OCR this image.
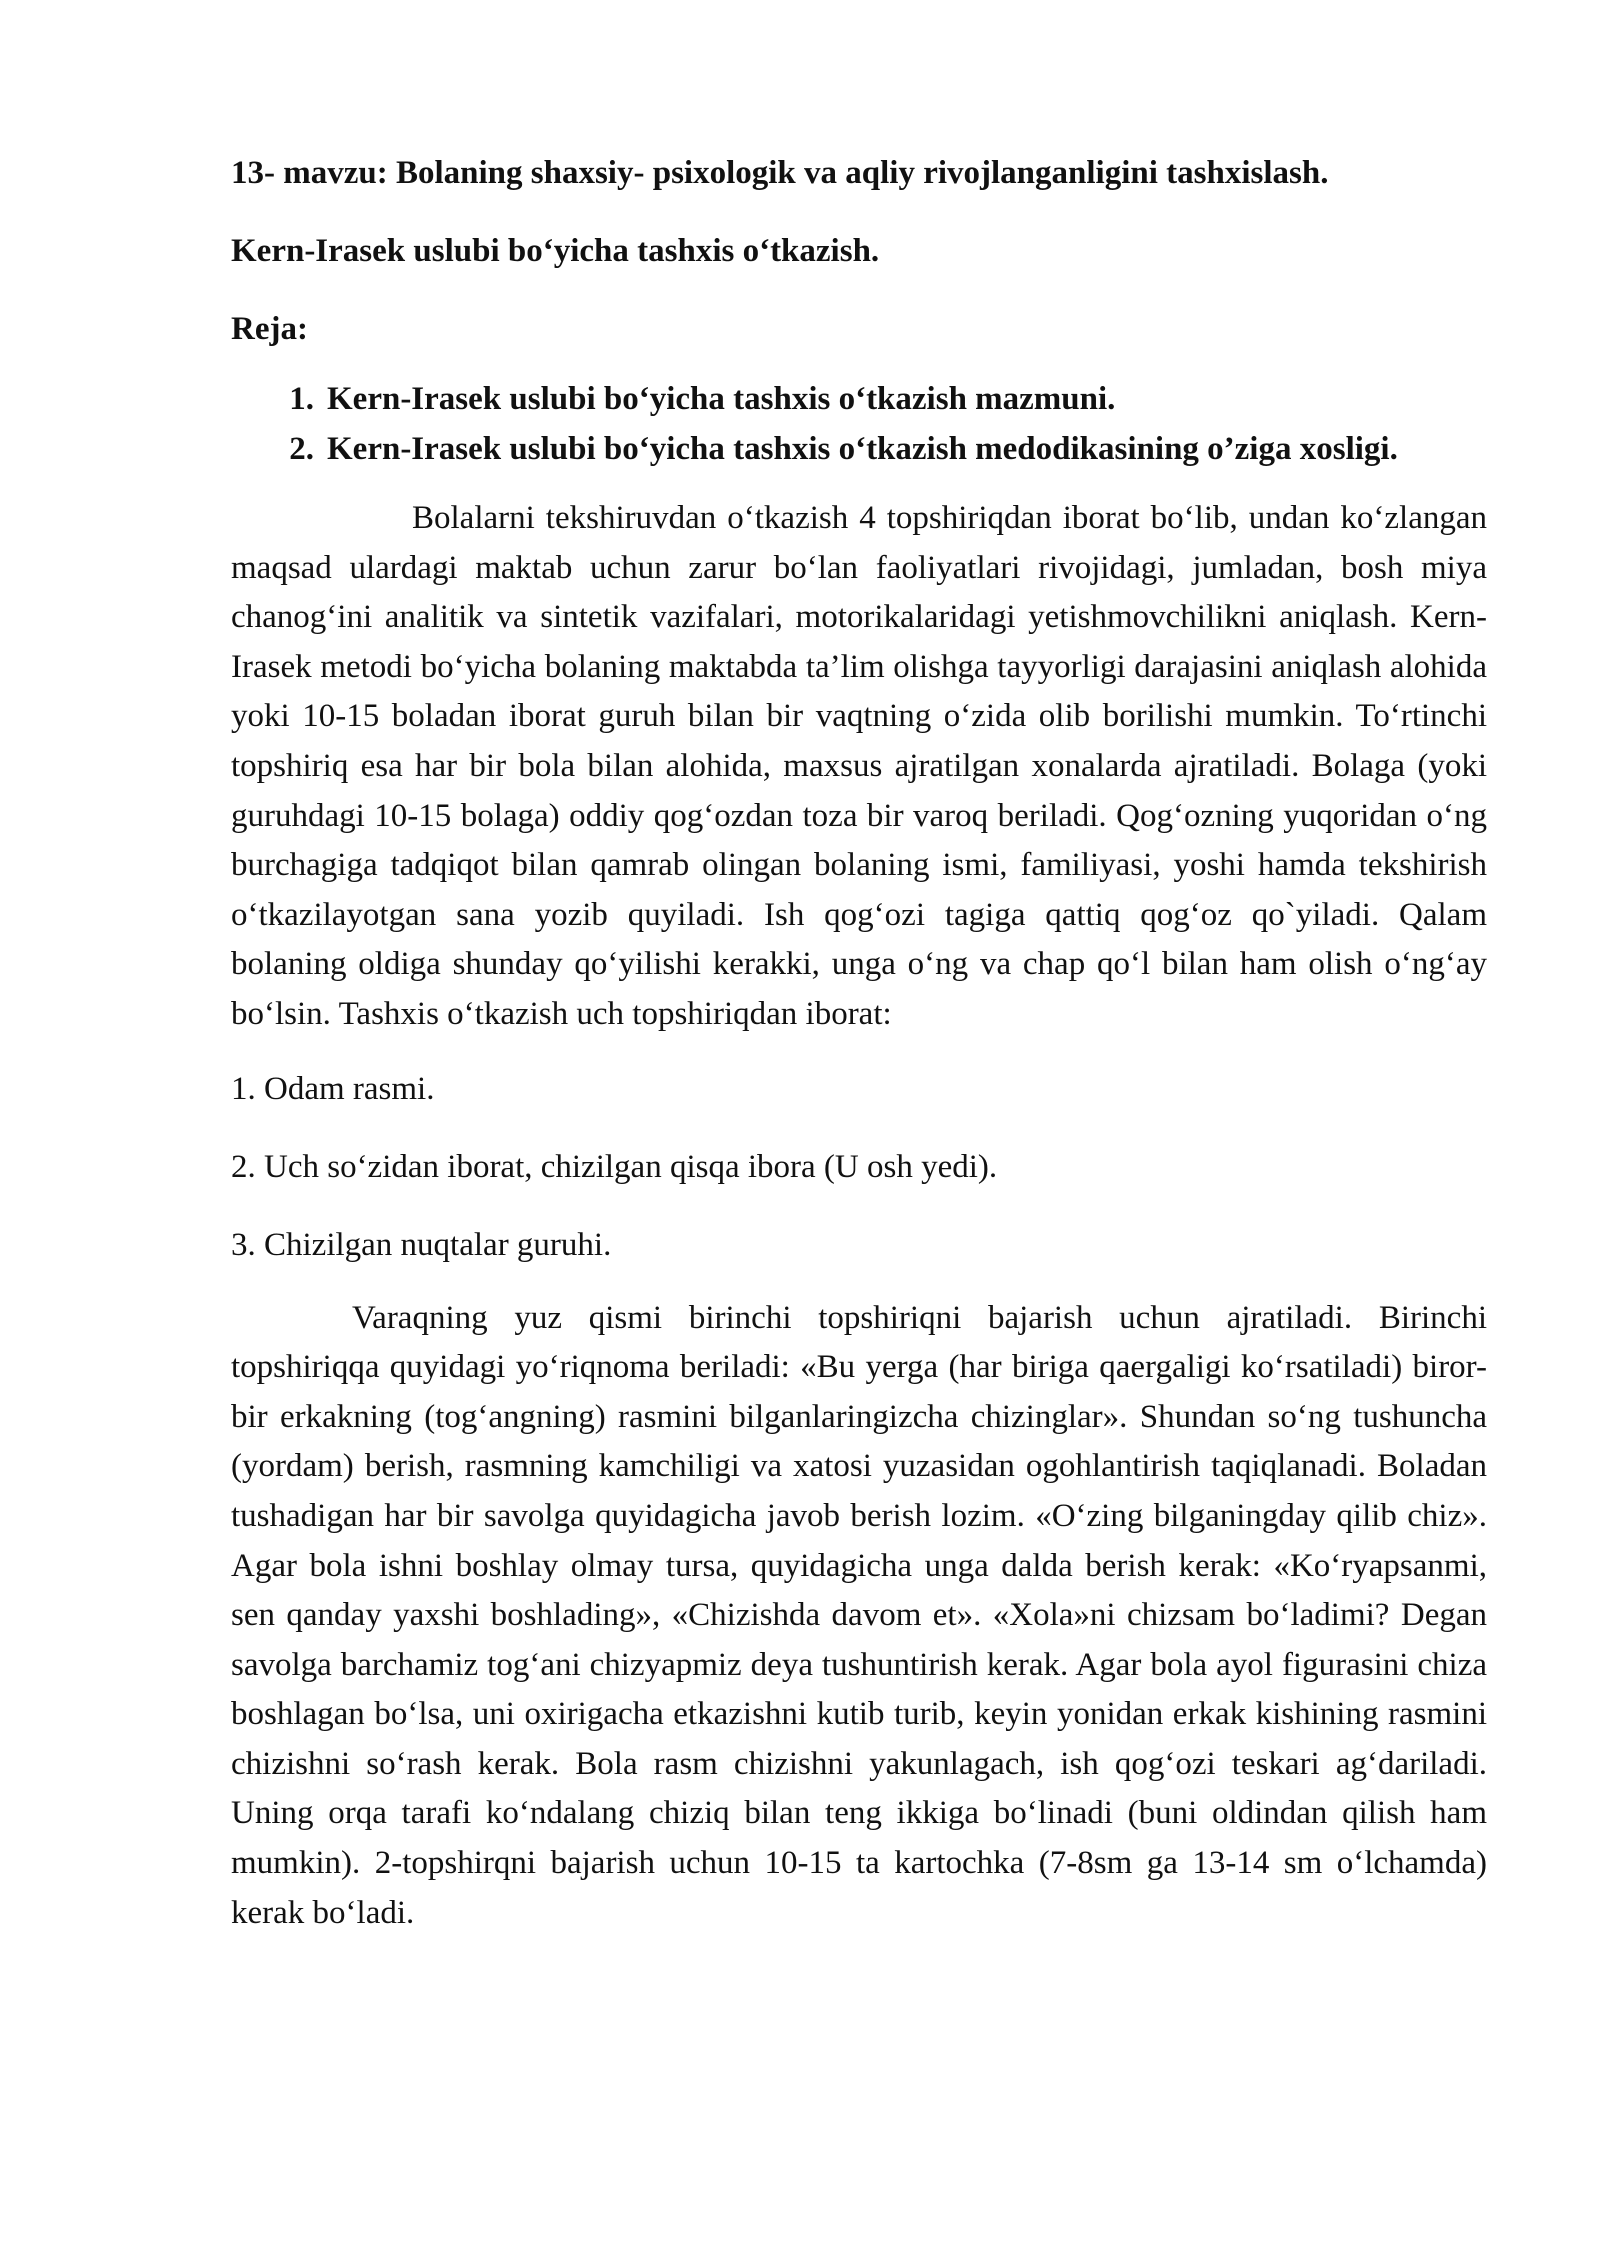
13- mavzu: Bolaning shaxsiy- psixologik va aqliy rivojlanganligini tashxislash.

Kern-Irasek uslubi bo‘yicha tashxis o‘tkazish.

Reja:

1. Kern-Irasek uslubi bo‘yicha tashxis o‘tkazish mazmuni.
2. Kern-Irasek uslubi bo‘yicha tashxis o‘tkazish medodikasining o’ziga xosligi.

Bolalarni tekshiruvdan o‘tkazish 4 topshiriqdan iborat bo‘lib, undan ko‘zlangan maqsad ulardagi maktab uchun zarur bo‘lan faoliyatlari rivojidagi, jumladan, bosh miya chanog‘ini analitik va sintetik vazifalari, motorikalaridagi yetishmovchilikni aniqlash. Kern-Irasek metodi bo‘yicha bolaning maktabda ta’lim olishga tayyorligi darajasini aniqlash alohida yoki 10-15 boladan iborat guruh bilan bir vaqtning o‘zida olib borilishi mumkin. To‘rtinchi topshiriq esa har bir bola bilan alohida, maxsus ajratilgan xonalarda ajratiladi. Bolaga (yoki guruhdagi 10-15 bolaga) oddiy qog‘ozdan toza bir varoq beriladi. Qog‘ozning yuqoridan o‘ng burchagiga tadqiqot bilan qamrab olingan bolaning ismi, familiyasi, yoshi hamda tekshirish o‘tkazilayotgan sana yozib quyiladi. Ish qog‘ozi tagiga qattiq qog‘oz qo`yiladi. Qalam bolaning oldiga shunday qo‘yilishi kerakki, unga o‘ng va chap qo‘l bilan ham olish o‘ng‘ay bo‘lsin. Tashxis o‘tkazish uch topshiriqdan iborat:

1. Odam rasmi.

2. Uch so‘zidan iborat, chizilgan qisqa ibora (U osh yedi).

3. Chizilgan nuqtalar guruhi.

Varaqning yuz qismi birinchi topshiriqni bajarish uchun ajratiladi. Birinchi topshiriqqa quyidagi yo‘riqnoma beriladi: «Bu yerga (har biriga qaergaligi ko‘rsatiladi) biror-bir erkakning (tog‘angning) rasmini bilganlaringizcha chizinglar». Shundan so‘ng tushuncha (yordam) berish, rasmning kamchiligi va xatosi yuzasidan ogohlantirish taqiqlanadi. Boladan tushadigan har bir savolga quyidagicha javob berish lozim. «O‘zing bilganingday qilib chiz». Agar bola ishni boshlay olmay tursa, quyidagicha unga dalda berish kerak: «Ko‘ryapsanmi, sen qanday yaxshi boshlading», «Chizishda davom et». «Xola»ni chizsam bo‘ladimi? Degan savolga barchamiz tog‘ani chizyapmiz deya tushuntirish kerak. Agar bola ayol figurasini chiza boshlagan bo‘lsa, uni oxirigacha etkazishni kutib turib, keyin yonidan erkak kishining rasmini chizishni so‘rash kerak. Bola rasm chizishni yakunlagach, ish qog‘ozi teskari ag‘dariladi. Uning orqa tarafi ko‘ndalang chiziq bilan teng ikkiga bo‘linadi (buni oldindan qilish ham mumkin). 2-topshirqni bajarish uchun 10-15 ta kartochka (7-8sm ga 13-14 sm o‘lchamda) kerak bo‘ladi.
